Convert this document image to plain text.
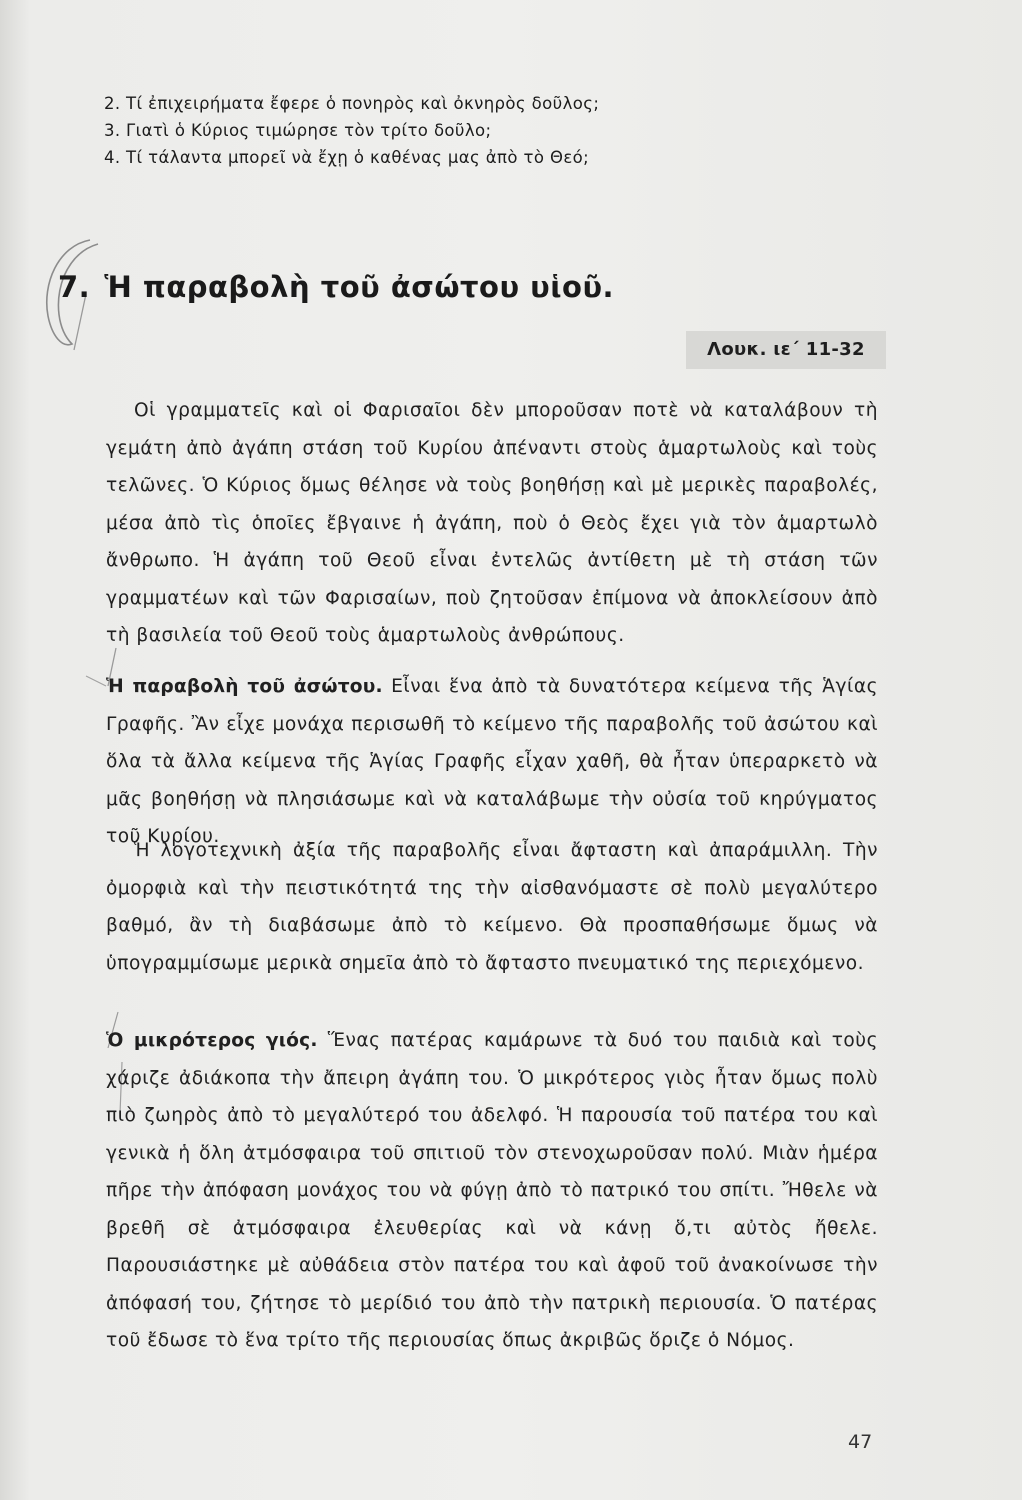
2. Τί ἐπιχειρήματα ἔφερε ὁ πονηρὸς καὶ ὀκνηρὸς δοῦλος;
3. Γιατὶ ὁ Κύριος τιμώρησε τὸν τρίτο δοῦλο;
4. Τί τάλαντα μπορεῖ νὰ ἔχῃ ὁ καθένας μας ἀπὸ τὸ Θεό;
7. Ἡ παραβολὴ τοῦ ἀσώτου υἱοῦ.
Λουκ. ιε΄ 11-32

Οἱ γραμματεῖς καὶ οἱ Φαρισαῖοι δὲν μποροῦσαν ποτὲ νὰ καταλάβουν τὴ γεμάτη ἀπὸ ἀγάπη στάση τοῦ Κυρίου ἀπέναντι στοὺς ἁμαρτωλοὺς καὶ τοὺς τελῶνες. Ὁ Κύριος ὅμως θέλησε νὰ τοὺς βοηθήσῃ καὶ μὲ μερικὲς παραβολές, μέσα ἀπὸ τὶς ὁποῖες ἔβγαινε ἡ ἀγάπη, ποὺ ὁ Θεὸς ἔχει γιὰ τὸν ἁμαρτωλὸ ἄνθρωπο. Ἡ ἀγάπη τοῦ Θεοῦ εἶναι ἐντελῶς ἀντίθετη μὲ τὴ στάση τῶν γραμματέων καὶ τῶν Φαρισαίων, ποὺ ζητοῦσαν ἐπίμονα νὰ ἀποκλείσουν ἀπὸ τὴ βασιλεία τοῦ Θεοῦ τοὺς ἁμαρτωλοὺς ἀνθρώπους.

Ἡ παραβολὴ τοῦ ἀσώτου. Εἶναι ἕνα ἀπὸ τὰ δυνατότερα κείμενα τῆς Ἁγίας Γραφῆς. Ἂν εἶχε μονάχα περισωθῆ τὸ κείμενο τῆς παραβολῆς τοῦ ἀσώτου καὶ ὅλα τὰ ἄλλα κείμενα τῆς Ἁγίας Γραφῆς εἶχαν χαθῆ, θὰ ἦταν ὑπεραρκετὸ νὰ μᾶς βοηθήσῃ νὰ πλησιάσωμε καὶ νὰ καταλάβωμε τὴν οὐσία τοῦ κηρύγματος τοῦ Κυρίου.

Ἡ λογοτεχνικὴ ἀξία τῆς παραβολῆς εἶναι ἄφταστη καὶ ἀπαράμιλλη. Τὴν ὀμορφιὰ καὶ τὴν πειστικότητά της τὴν αἰσθανόμαστε σὲ πολὺ μεγαλύτερο βαθμό, ἂν τὴ διαβάσωμε ἀπὸ τὸ κείμενο. Θὰ προσπαθήσωμε ὅμως νὰ ὑπογραμμίσωμε μερικὰ σημεῖα ἀπὸ τὸ ἄφταστο πνευματικό της περιεχόμενο.

Ὁ μικρότερος γιός. Ἕνας πατέρας καμάρωνε τὰ δυό του παιδιὰ καὶ τοὺς χάριζε ἀδιάκοπα τὴν ἄπειρη ἀγάπη του. Ὁ μικρότερος γιὸς ἦταν ὅμως πολὺ πιὸ ζωηρὸς ἀπὸ τὸ μεγαλύτερό του ἀδελφό. Ἡ παρουσία τοῦ πατέρα του καὶ γενικὰ ἡ ὅλη ἀτμόσφαιρα τοῦ σπιτιοῦ τὸν στενοχωροῦσαν πολύ. Μιὰν ἡμέρα πῆρε τὴν ἀπόφαση μονάχος του νὰ φύγῃ ἀπὸ τὸ πατρικό του σπίτι. Ἤθελε νὰ βρεθῆ σὲ ἀτμόσφαιρα ἐλευθερίας καὶ νὰ κάνῃ ὅ,τι αὐτὸς ἤθελε. Παρουσιάστηκε μὲ αὐθάδεια στὸν πατέρα του καὶ ἀφοῦ τοῦ ἀνακοίνωσε τὴν ἀπόφασή του, ζήτησε τὸ μερίδιό του ἀπὸ τὴν πατρικὴ περιουσία. Ὁ πατέρας τοῦ ἔδωσε τὸ ἕνα τρίτο τῆς περιουσίας ὅπως ἀκριβῶς ὅριζε ὁ Νόμος.

47
